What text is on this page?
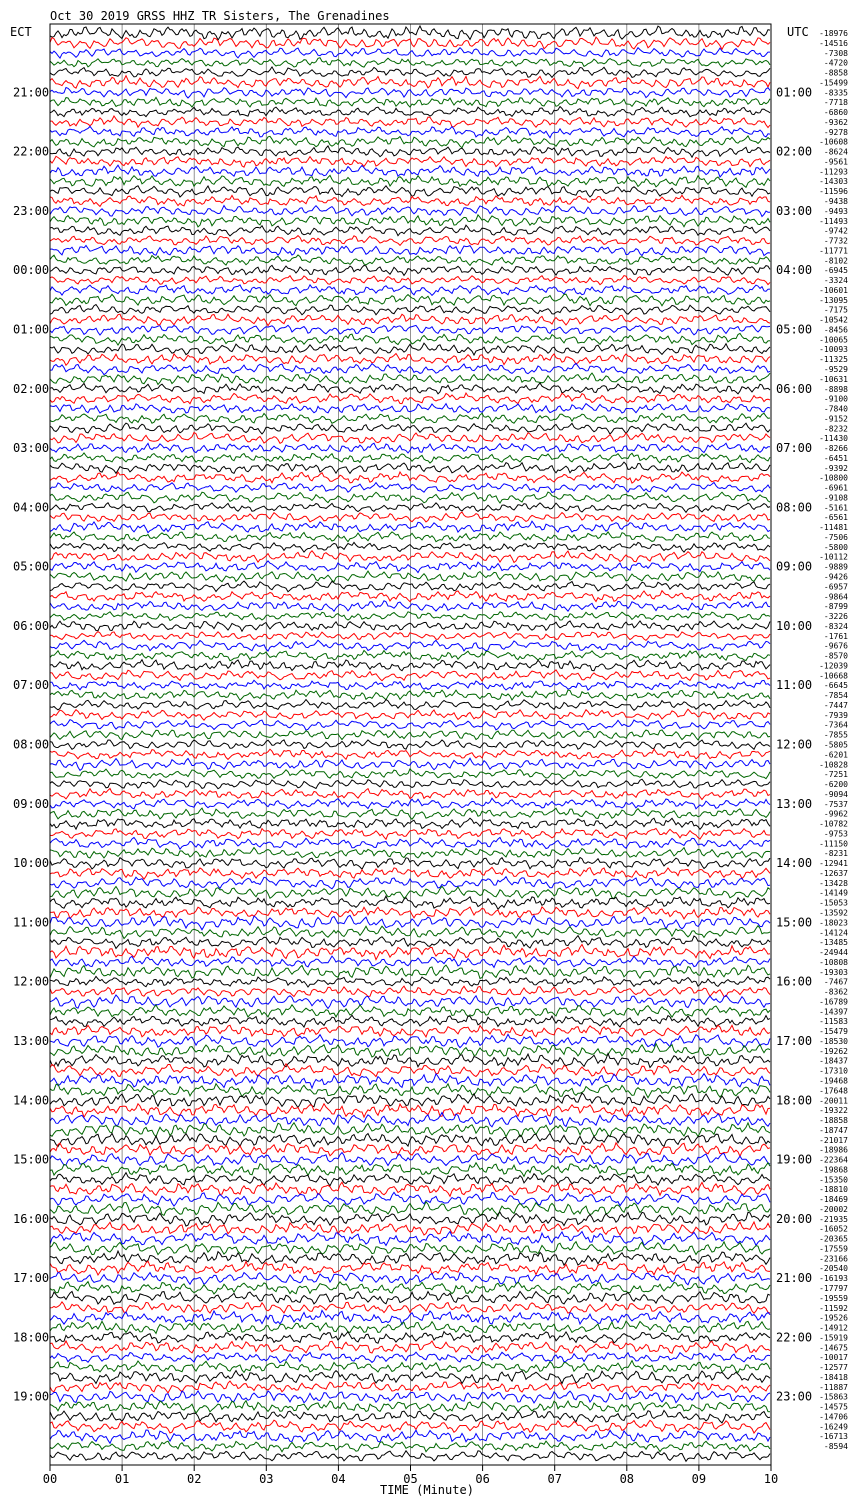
Oct 30 2019 GRSS HHZ TR Sisters, The Grenadines
ECT	UTC
TIME (Minute)
00	01	02	03	04	05	06	07	08	09	10
21:00
22:00
23:00
00:00
01:00
02:00
03:00
04:00
05:00
06:00
07:00
08:00
09:00
10:00
11:00
12:00
13:00
14:00
15:00
16:00
17:00
18:00
19:00
01:00
02:00
03:00
04:00
05:00
06:00
07:00
08:00
09:00
10:00
11:00
12:00
13:00
14:00
15:00
16:00
17:00
18:00
19:00
20:00
21:00
22:00
23:00
-18976
-14516
-7308
-4720
-8858
-15499
-8335
-7718
-6860
-9362
-9278
-10608
-8624
-9561
-11293
-14303
-11596
-9438
-9493
-11493
-9742
-7732
-11771
-8102
-6945
-3324
-10601
-13095
-7175
-10542
-8456
-10065
-10093
-11325
-9529
-10631
-8898
-9100
-7840
-9152
-8232
-11430
-8266
-6451
-9392
-10800
-6961
-9108
-5161
-6561
-11481
-7506
-5800
-10112
-9889
-9426
-6957
-9864
-8799
-3226
-8324
-1761
-9676
-8570
-12039
-10668
-6645
-7854
-7447
-7939
-7364
-7855
-5805
-6201
-10828
-7251
-6200
-9094
-7537
-9962
-10782
-9753
-11150
-8231
-12941
-12637
-13428
-14149
-15053
-13592
-18023
-14124
-13485
-24944
-10808
-19303
-7467
-8362
-16789
-14397
-11583
-15479
-18530
-19262
-18437
-17310
-19468
-17648
-20011
-19322
-18858
-18747
-21017
-18986
-22364
-19868
-15350
-18810
-18469
-20002
-21935
-16052
-20365
-17559
-23166
-20540
-16193
-17797
-19559
-11592
-19526
-14912
-15919
-14675
-10017
-12577
-18418
-11887
-15863
-14575
-14706
-16249
-16713
-8594
